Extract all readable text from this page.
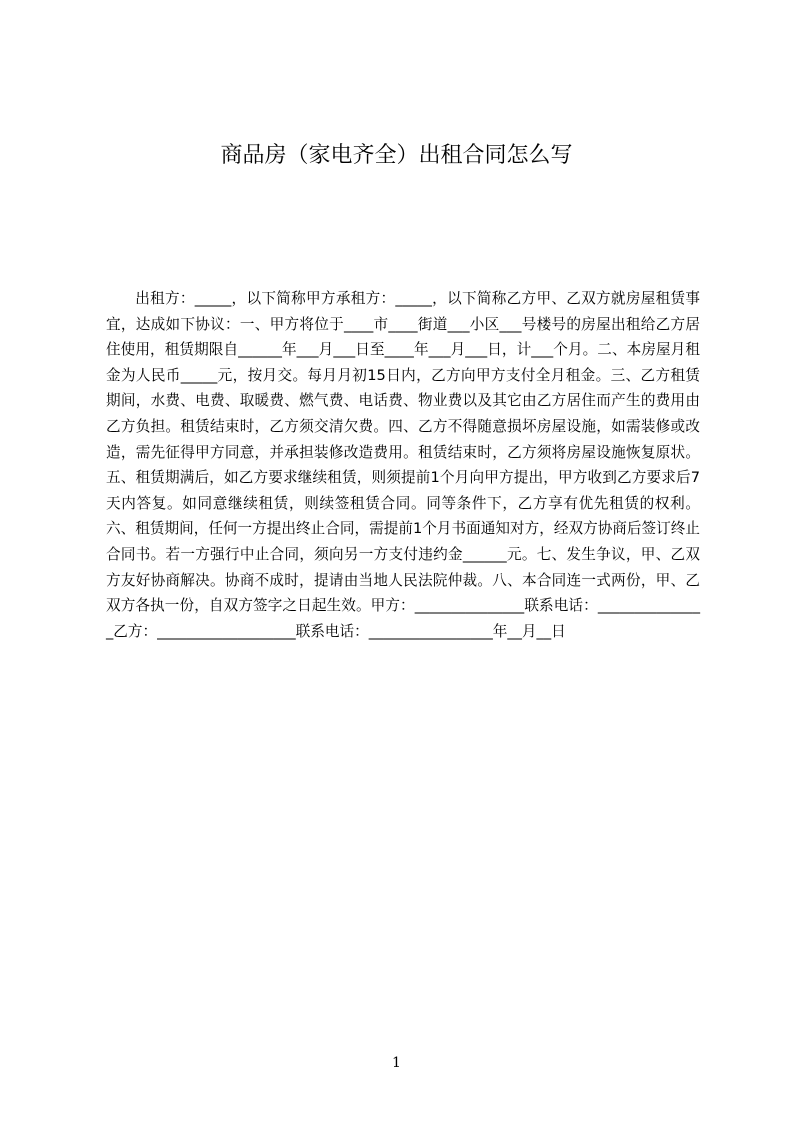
商品房（家电齐全）出租合同怎么写

出租方：_____，以下简称甲方承租方：_____，以下简称乙方甲、乙双方就房屋租赁事宜，达成如下协议：一、甲方将位于____市____街道___小区___号楼号的房屋出租给乙方居住使用，租赁期限自______年___月___日至____年___月___日，计___个月。二、本房屋月租金为人民币_____元，按月交。每月月初15日内，乙方向甲方支付全月租金。三、乙方租赁期间，水费、电费、取暖费、燃气费、电话费、物业费以及其它由乙方居住而产生的费用由乙方负担。租赁结束时，乙方须交清欠费。四、乙方不得随意损坏房屋设施，如需装修或改造，需先征得甲方同意，并承担装修改造费用。租赁结束时，乙方须将房屋设施恢复原状。五、租赁期满后，如乙方要求继续租赁，则须提前1个月向甲方提出，甲方收到乙方要求后7天内答复。如同意继续租赁，则续签租赁合同。同等条件下，乙方享有优先租赁的权利。六、租赁期间，任何一方提出终止合同，需提前1个月书面通知对方，经双方协商后签订终止合同书。若一方强行中止合同，须向另一方支付违约金______元。七、发生争议，甲、乙双方友好协商解决。协商不成时，提请由当地人民法院仲裁。八、本合同连一式两份，甲、乙双方各执一份，自双方签字之日起生效。甲方：_______________联系电话：_______________乙方：___________________联系电话：_________________年__月__日

1
